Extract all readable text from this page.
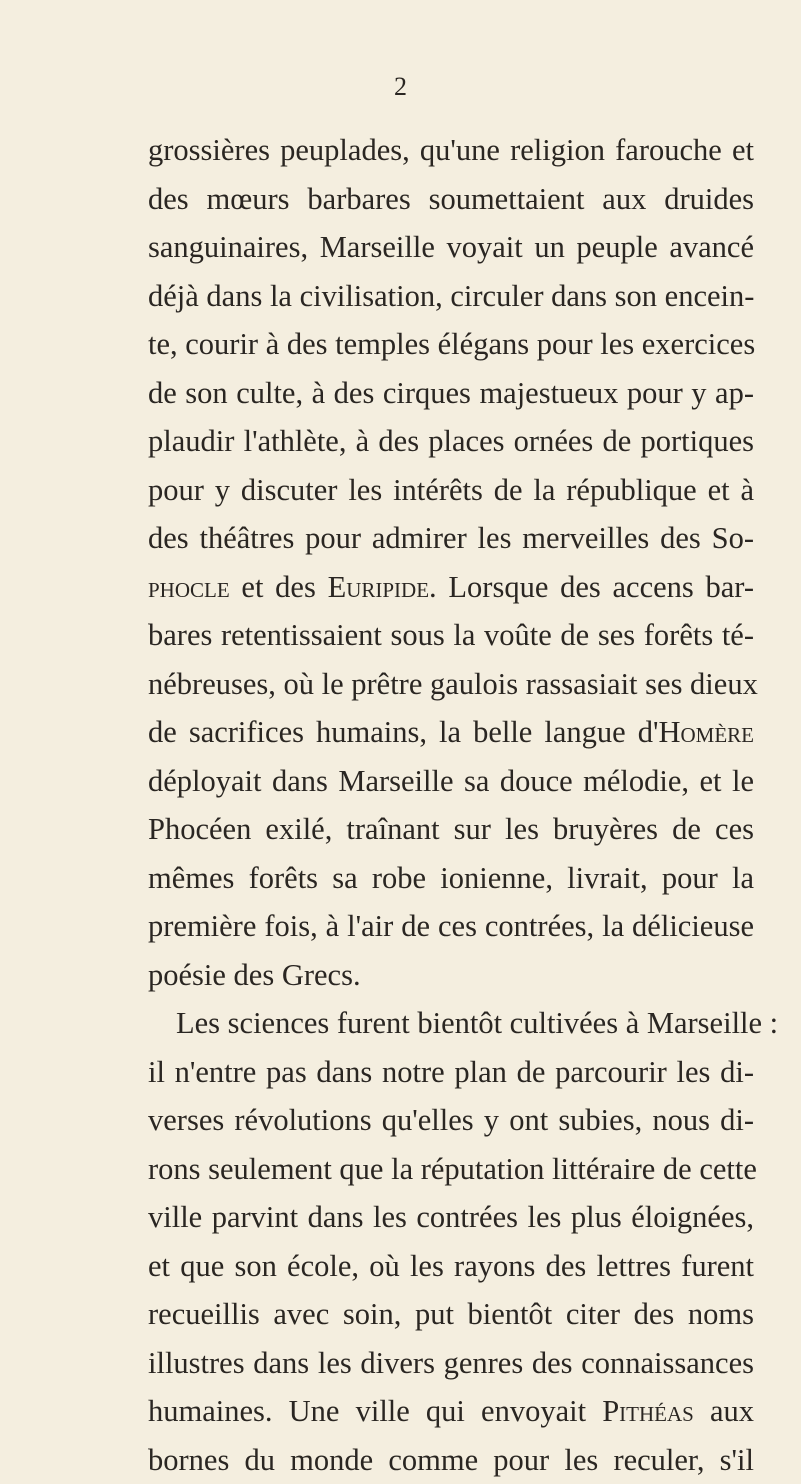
2
grossières peuplades, qu'une religion farouche et
des mœurs barbares soumettaient aux druides
sanguinaires, Marseille voyait un peuple avancé
déjà dans la civilisation, circuler dans son encein-
te, courir à des temples élégans pour les exercices
de son culte, à des cirques majestueux pour y ap-
plaudir l'athlète, à des places ornées de portiques
pour y discuter les intérêts de la république et à
des théâtres pour admirer les merveilles des So-
phocle et des Euripide. Lorsque des accens bar-
bares retentissaient sous la voûte de ses forêts té-
nébreuses, où le prêtre gaulois rassasiait ses dieux
de sacrifices humains, la belle langue d'Homère
déployait dans Marseille sa douce mélodie, et le
Phocéen exilé, traînant sur les bruyères de ces
mêmes forêts sa robe ionienne, livrait, pour la
première fois, à l'air de ces contrées, la délicieuse
poésie des Grecs.
Les sciences furent bientôt cultivées à Marseille :
il n'entre pas dans notre plan de parcourir les di-
verses révolutions qu'elles y ont subies, nous di-
rons seulement que la réputation littéraire de cette
ville parvint dans les contrées les plus éloignées,
et que son école, où les rayons des lettres furent
recueillis avec soin, put bientôt citer des noms
illustres dans les divers genres des connaissances
humaines. Une ville qui envoyait Pithéas aux
bornes du monde comme pour les reculer, s'il
